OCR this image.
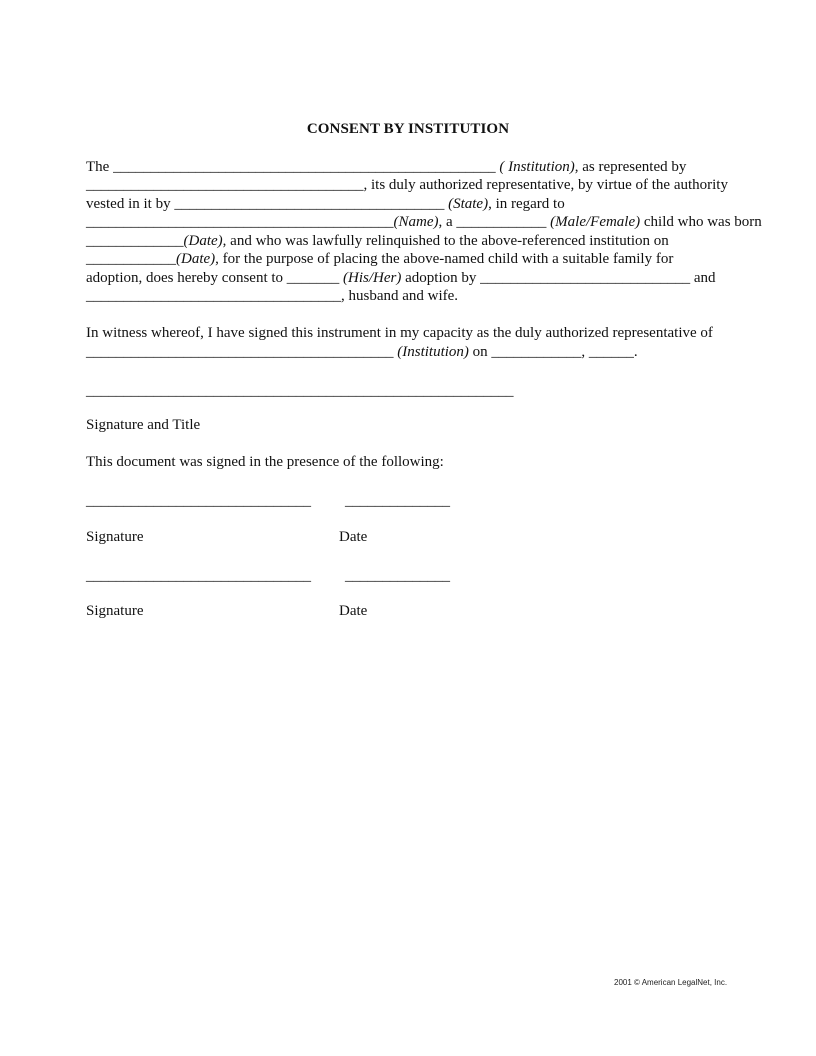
CONSENT BY INSTITUTION
The ___________________________________________________ ( Institution), as represented by
_____________________________________, its duly authorized representative, by virtue of the authority
vested in it by ____________________________________ (State), in regard to
_________________________________________(Name), a ____________ (Male/Female) child who was born
_____________(Date), and who was lawfully relinquished to the above-referenced institution on
____________(Date), for the purpose of placing the above-named child with a suitable family for
adoption, does hereby consent to _______ (His/Her) adoption by ____________________________ and
__________________________________, husband and wife.
In witness whereof, I have signed this instrument in my capacity as the duly authorized representative of
_________________________________________ (Institution) on ____________, ______.
_________________________________________________________
Signature and Title
This document was signed in the presence of the following:
______________________________ ______________
Signature	Date
______________________________ ______________
Signature	Date
2001 © American LegalNet, Inc.
